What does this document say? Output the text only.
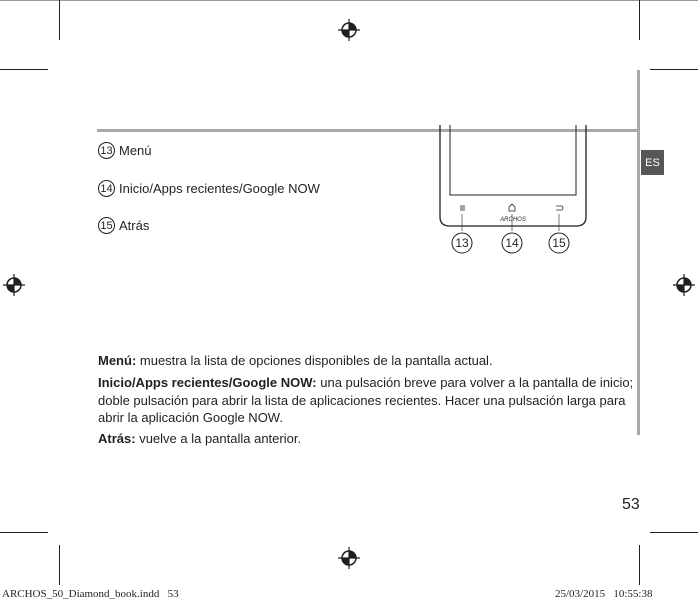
13 Menú
14 Inicio/Apps recientes/Google NOW
15 Atrás	ARCHOS
13	14	15
ES
Menú: muestra la lista de opciones disponibles de la pantalla actual.
Inicio/Apps recientes/Google NOW: una pulsación breve para volver a la pantalla de inicio; doble pulsación para abrir la lista de aplicaciones recientes. Hacer una pulsación larga para abrir la aplicación Google NOW.
Atrás: vuelve a la pantalla anterior.
53
ARCHOS_50_Diamond_book.indd   53	25/03/2015   10:55:38
